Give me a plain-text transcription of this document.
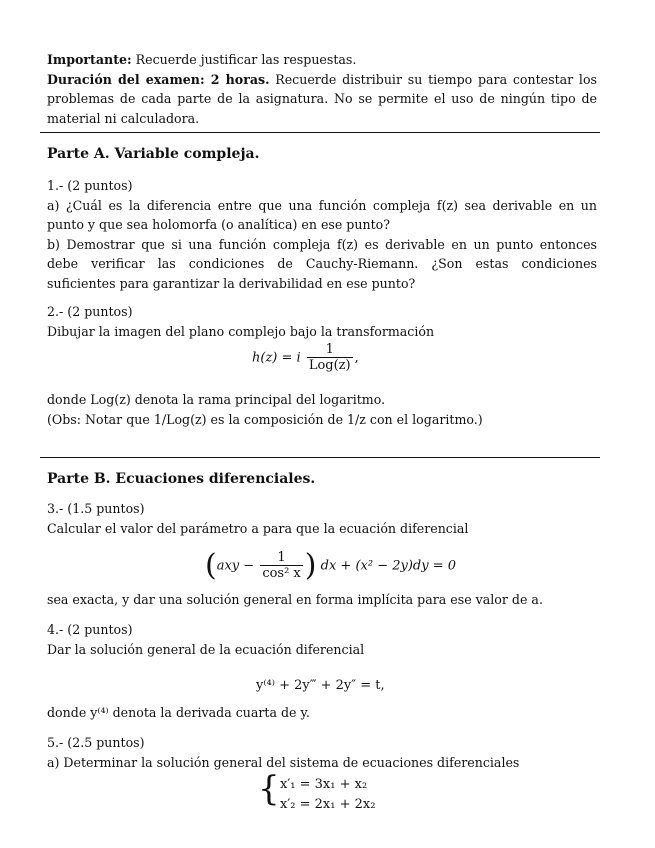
Importante: Recuerde justificar las respuestas.
Duración del examen: 2 horas. Recuerde distribuir su tiempo para contestar los problemas de cada parte de la asignatura. No se permite el uso de ningún tipo de material ni calculadora.
Parte A. Variable compleja.
1.- (2 puntos)
a) ¿Cuál es la diferencia entre que una función compleja f(z) sea derivable en un punto y que sea holomorfa (o analítica) en ese punto?
b) Demostrar que si una función compleja f(z) es derivable en un punto entonces debe verificar las condiciones de Cauchy-Riemann. ¿Son estas condiciones suficientes para garantizar la derivabilidad en ese punto?
2.- (2 puntos)
Dibujar la imagen del plano complejo bajo la transformación
h(z) = i $\frac{1}{\text{Log(z)}}$ ,
donde Log(z) denota la rama principal del logaritmo.
(Obs: Notar que 1/Log(z) es la composición de 1/z con el logaritmo.)
Parte B. Ecuaciones diferenciales.
3.- (1.5 puntos)
Calcular el valor del parámetro a para que la ecuación diferencial
($axy - \frac{1}{\text{cos² x}}$ ) dx + (x² − 2y)dy = 0
sea exacta, y dar una solución general en forma implícita para ese valor de a.
4.- (2 puntos)
Dar la solución general de la ecuación diferencial
y⁽⁴⁾ + 2y‴ + 2y″ = t,
donde y⁽⁴⁾ denota la derivada cuarta de y.
5.- (2.5 puntos)
a) Determinar la solución general del sistema de ecuaciones diferenciales
{ x′₁ = 3x₁ + x₂
x′₂ = 2x₁ + 2x₂
